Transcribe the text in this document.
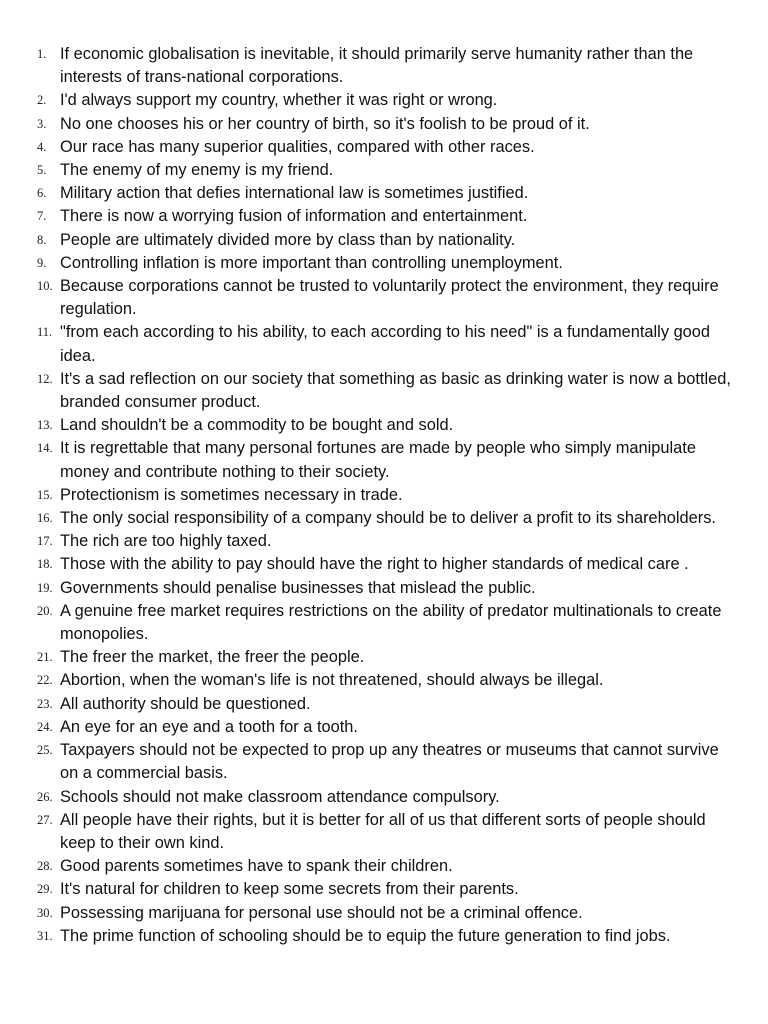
1. If economic globalisation is inevitable, it should primarily serve humanity rather than the interests of trans-national corporations.
2. I'd always support my country, whether it was right or wrong.
3. No one chooses his or her country of birth, so it's foolish to be proud of it.
4. Our race has many superior qualities, compared with other races.
5. The enemy of my enemy is my friend.
6. Military action that defies international law is sometimes justified.
7. There is now a worrying fusion of information and entertainment.
8. People are ultimately divided more by class than by nationality.
9. Controlling inflation is more important than controlling unemployment.
10. Because corporations cannot be trusted to voluntarily protect the environment, they require regulation.
11. "from each according to his ability, to each according to his need" is a fundamentally good idea.
12. It's a sad reflection on our society that something as basic as drinking water is now a bottled, branded consumer product.
13. Land shouldn't be a commodity to be bought and sold.
14. It is regrettable that many personal fortunes are made by people who simply manipulate money and contribute nothing to their society.
15. Protectionism is sometimes necessary in trade.
16. The only social responsibility of a company should be to deliver a profit to its shareholders.
17. The rich are too highly taxed.
18. Those with the ability to pay should have the right to higher standards of medical care .
19. Governments should penalise businesses that mislead the public.
20. A genuine free market requires restrictions on the ability of predator multinationals to create monopolies.
21. The freer the market, the freer the people.
22. Abortion, when the woman's life is not threatened, should always be illegal.
23. All authority should be questioned.
24. An eye for an eye and a tooth for a tooth.
25. Taxpayers should not be expected to prop up any theatres or museums that cannot survive on a commercial basis.
26. Schools should not make classroom attendance compulsory.
27. All people have their rights, but it is better for all of us that different sorts of people should keep to their own kind.
28. Good parents sometimes have to spank their children.
29. It's natural for children to keep some secrets from their parents.
30. Possessing marijuana for personal use should not be a criminal offence.
31. The prime function of schooling should be to equip the future generation to find jobs.
